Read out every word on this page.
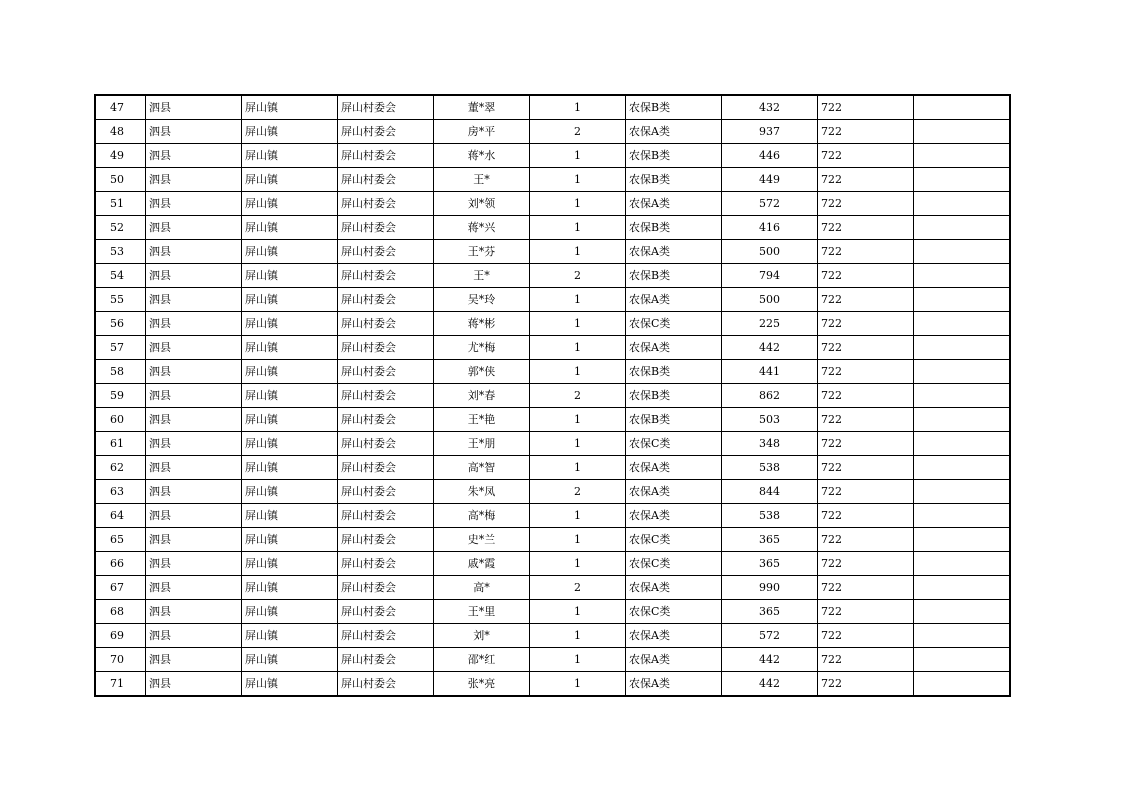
47	泗县	屏山镇	屏山村委会	董*翠	1	农保B类	432	722	
48	泗县	屏山镇	屏山村委会	房*平	2	农保A类	937	722	
49	泗县	屏山镇	屏山村委会	蒋*水	1	农保B类	446	722	
50	泗县	屏山镇	屏山村委会	王*	1	农保B类	449	722	
51	泗县	屏山镇	屏山村委会	刘*领	1	农保A类	572	722	
52	泗县	屏山镇	屏山村委会	蒋*兴	1	农保B类	416	722	
53	泗县	屏山镇	屏山村委会	王*芬	1	农保A类	500	722	
54	泗县	屏山镇	屏山村委会	王*	2	农保B类	794	722	
55	泗县	屏山镇	屏山村委会	吴*玲	1	农保A类	500	722	
56	泗县	屏山镇	屏山村委会	蒋*彬	1	农保C类	225	722	
57	泗县	屏山镇	屏山村委会	尤*梅	1	农保A类	442	722	
58	泗县	屏山镇	屏山村委会	郭*侠	1	农保B类	441	722	
59	泗县	屏山镇	屏山村委会	刘*春	2	农保B类	862	722	
60	泗县	屏山镇	屏山村委会	王*艳	1	农保B类	503	722	
61	泗县	屏山镇	屏山村委会	王*朋	1	农保C类	348	722	
62	泗县	屏山镇	屏山村委会	高*智	1	农保A类	538	722	
63	泗县	屏山镇	屏山村委会	朱*凤	2	农保A类	844	722	
64	泗县	屏山镇	屏山村委会	高*梅	1	农保A类	538	722	
65	泗县	屏山镇	屏山村委会	史*兰	1	农保C类	365	722	
66	泗县	屏山镇	屏山村委会	戚*霞	1	农保C类	365	722	
67	泗县	屏山镇	屏山村委会	高*	2	农保A类	990	722	
68	泗县	屏山镇	屏山村委会	王*里	1	农保C类	365	722	
69	泗县	屏山镇	屏山村委会	刘*	1	农保A类	572	722	
70	泗县	屏山镇	屏山村委会	邵*红	1	农保A类	442	722	
71	泗县	屏山镇	屏山村委会	张*亮	1	农保A类	442	722	
